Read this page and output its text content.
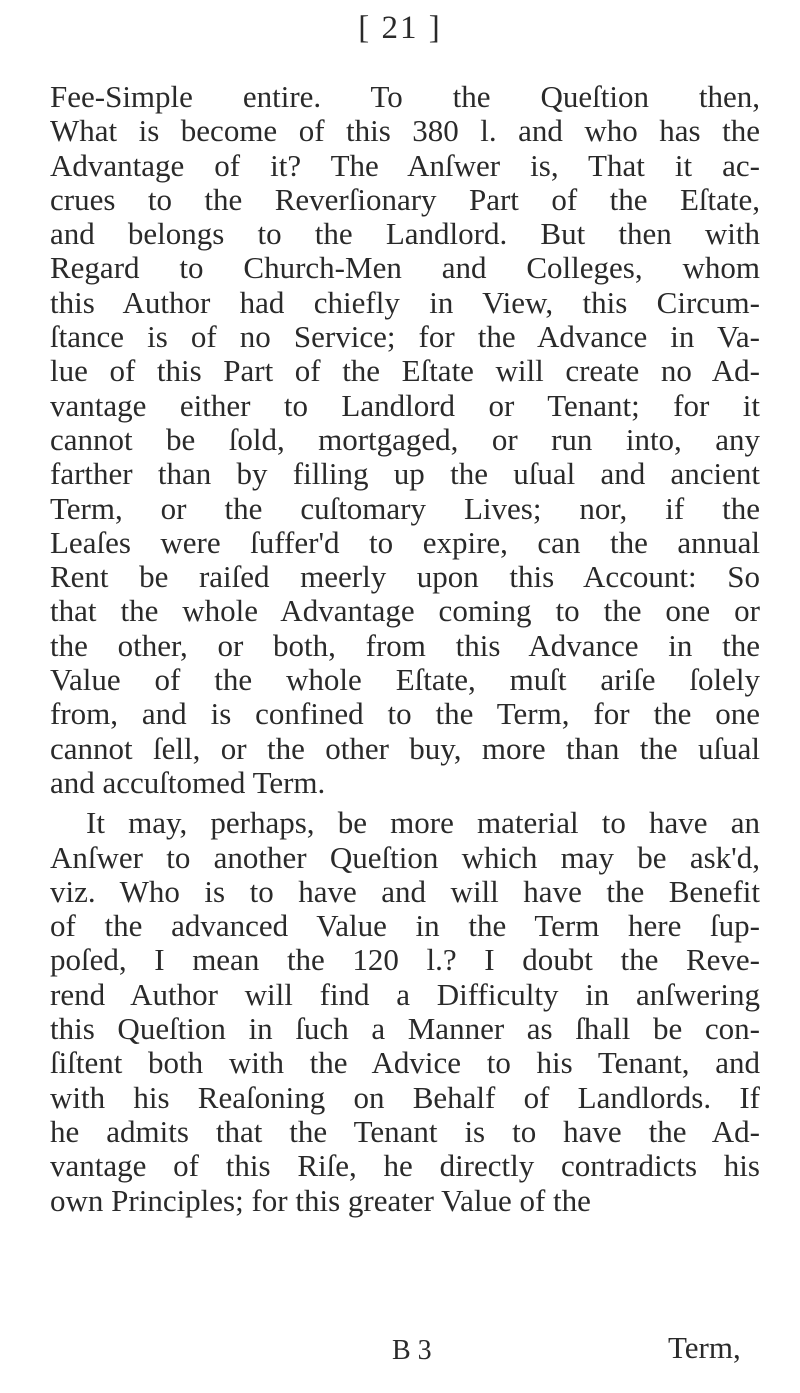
[ 21 ]
Fee-Simple entire. To the Queſtion then,
What is become of this 380 l. and who has the
Advantage of it? The Anſwer is, That it ac-
crues to the Reverſionary Part of the Eſtate,
and belongs to the Landlord. But then with
Regard to Church-Men and Colleges, whom
this Author had chiefly in View, this Circum-
ſtance is of no Service; for the Advance in Va-
lue of this Part of the Eſtate will create no Ad-
vantage either to Landlord or Tenant; for it
cannot be ſold, mortgaged, or run into, any
farther than by filling up the uſual and ancient
Term, or the cuſtomary Lives; nor, if the
Leaſes were ſuffer'd to expire, can the annual
Rent be raiſed meerly upon this Account: So
that the whole Advantage coming to the one or
the other, or both, from this Advance in the
Value of the whole Eſtate, muſt ariſe ſolely
from, and is confined to the Term, for the one
cannot ſell, or the other buy, more than the uſual
and accuſtomed Term.
It may, perhaps, be more material to have an
Anſwer to another Queſtion which may be ask'd,
viz. Who is to have and will have the Benefit
of the advanced Value in the Term here ſup-
poſed, I mean the 120 l.? I doubt the Reve-
rend Author will find a Difficulty in anſwering
this Queſtion in ſuch a Manner as ſhall be con-
ſiſtent both with the Advice to his Tenant, and
with his Reaſoning on Behalf of Landlords. If
he admits that the Tenant is to have the Ad-
vantage of this Riſe, he directly contradicts his
own Principles; for this greater Value of the
B 3	Term,
